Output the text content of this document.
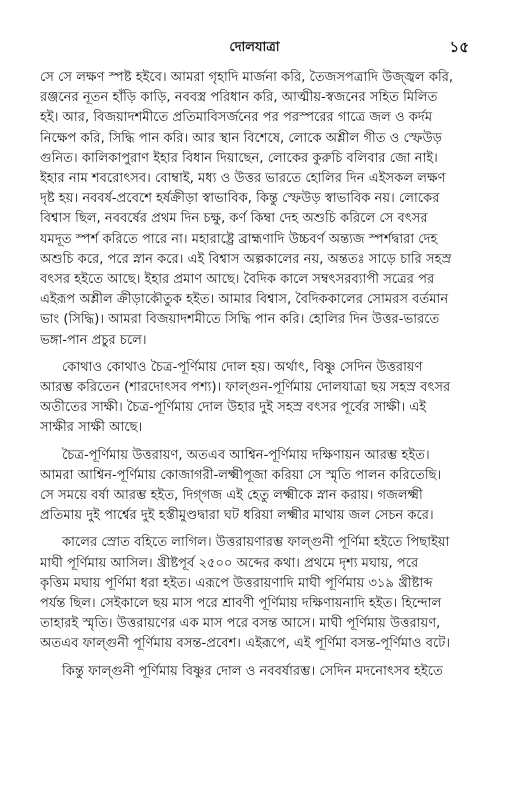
দোলযাত্রা	১৫
সে সে লক্ষণ স্পষ্ট হইবে। আমরা গৃহাদি মার্জনা করি, তৈজসপত্রাদি উজ্জ্বল করি,
রঞ্জনের নূতন হাঁড়ি কাড়ি, নববস্ত্র পরিধান করি, আত্মীয়-স্বজনের সহিত মিলিত
হই। আর, বিজয়াদশমীতে প্রতিমাবিসর্জনের পর পরস্পরের গাত্রে জল ও কর্দম
নিক্ষেপ করি, সিদ্ধি পান করি। আর স্থান বিশেষে, লোকে অশ্লীল গীত ও স্ফেউড়
গুনিত। কালিকাপুরাণ ইহার বিধান দিয়াছেন, লোকের কুরুচি বলিবার জো নাই।
ইহার নাম শবরোৎসব। বোম্বাই, মধ্য ও উত্তর ভারতে হোলির দিন এইসকল লক্ষণ
দৃষ্ট হয়। নববর্ষ-প্রবেশে হর্ষক্রীড়া স্বাভাবিক, কিন্তু স্ফেউড় স্বাভাবিক নয়। লোকের
বিশ্বাস ছিল, নববর্ষের প্রথম দিন চক্ষু, কর্ণ কিম্বা দেহ অশুচি করিলে সে বৎসর
যমদূত স্পর্শ করিতে পারে না। মহারাষ্ট্রে ব্রাহ্মণাদি উচ্চবর্ণ অন্ত্যজ স্পর্শদ্বারা দেহ
অশুচি করে, পরে স্নান করে। এই বিশ্বাস অল্পকালের নয়, অন্ততঃ সাড়ে চারি সহস্র
বৎসর হইতে আছে। ইহার প্রমাণ আছে। বৈদিক কালে সম্বৎসরব্যাপী সত্রের পর
এইরূপ অশ্লীল ক্রীড়াকৌতুক হইত। আমার বিশ্বাস, বৈদিককালের সোমরস বর্তমান
ভাং (সিদ্ধি)। আমরা বিজয়াদশমীতে সিদ্ধি পান করি। হোলির দিন উত্তর-ভারতে
ভঙ্গা-পান প্রচুর চলে।
কোথাও কোথাও চৈত্র-পূর্ণিমায় দোল হয়। অর্থাৎ, বিষ্ণু সেদিন উত্তরায়ণ
আরম্ভ করিতেন (শারদোৎসব পশ্য)। ফাল্গুন-পূর্ণিমায় দোলযাত্রা ছয় সহস্র বৎসর
অতীতের সাক্ষী। চৈত্র-পূর্ণিমায় দোল উহার দুই সহস্র বৎসর পূর্বের সাক্ষী। এই
সাক্ষীর সাক্ষী আছে।
চৈত্র-পূর্ণিমায় উত্তরায়ণ, অতএব আশ্বিন-পূর্ণিমায় দক্ষিণায়ন আরম্ভ হইত।
আমরা আশ্বিন-পূর্ণিমায় কোজাগরী-লক্ষ্মীপূজা করিয়া সে স্মৃতি পালন করিতেছি।
সে সময়ে বর্ষা আরম্ভ হইত, দিগ্‌গজ এই হেতু লক্ষ্মীকে স্নান করায়। গজলক্ষ্মী
প্রতিমায় দুই পার্শ্বের দুই হস্তীমুণ্ডদ্বারা ঘট ধরিয়া লক্ষ্মীর মাথায় জল সেচন করে।
কালের স্রোত বহিতে লাগিল। উত্তরায়ণারম্ভ ফাল্গুনী পূর্ণিমা হইতে পিছাইয়া
মাঘী পূর্ণিমায় আসিল। খ্রীষ্টপূর্ব ২৫০০ অব্দের কথা। প্রথমে দৃশ্য মঘায়, পরে
কৃত্তিম মঘায় পূর্ণিমা ধরা হইত। এরূপে উত্তরায়ণাদি মাঘী পূর্ণিমায় ৩১৯ খ্রীষ্টাব্দ
পর্যন্ত ছিল। সেইকালে ছয় মাস পরে শ্রাবণী পূর্ণিমায় দক্ষিণায়নাদি হইত। হিন্দোল
তাহারই স্মৃতি। উত্তরায়ণের এক মাস পরে বসন্ত আসে। মাঘী পূর্ণিমায় উত্তরায়ণ,
অতএব ফাল্গুনী পূর্ণিমায় বসন্ত-প্রবেশ। এইরূপে, এই পূর্ণিমা বসন্ত-পূর্ণিমাও বটে।
কিন্তু ফাল্গুনী পূর্ণিমায় বিষ্ণুর দোল ও নববর্ষারম্ভ। সেদিন মদনোৎসব হইতে
